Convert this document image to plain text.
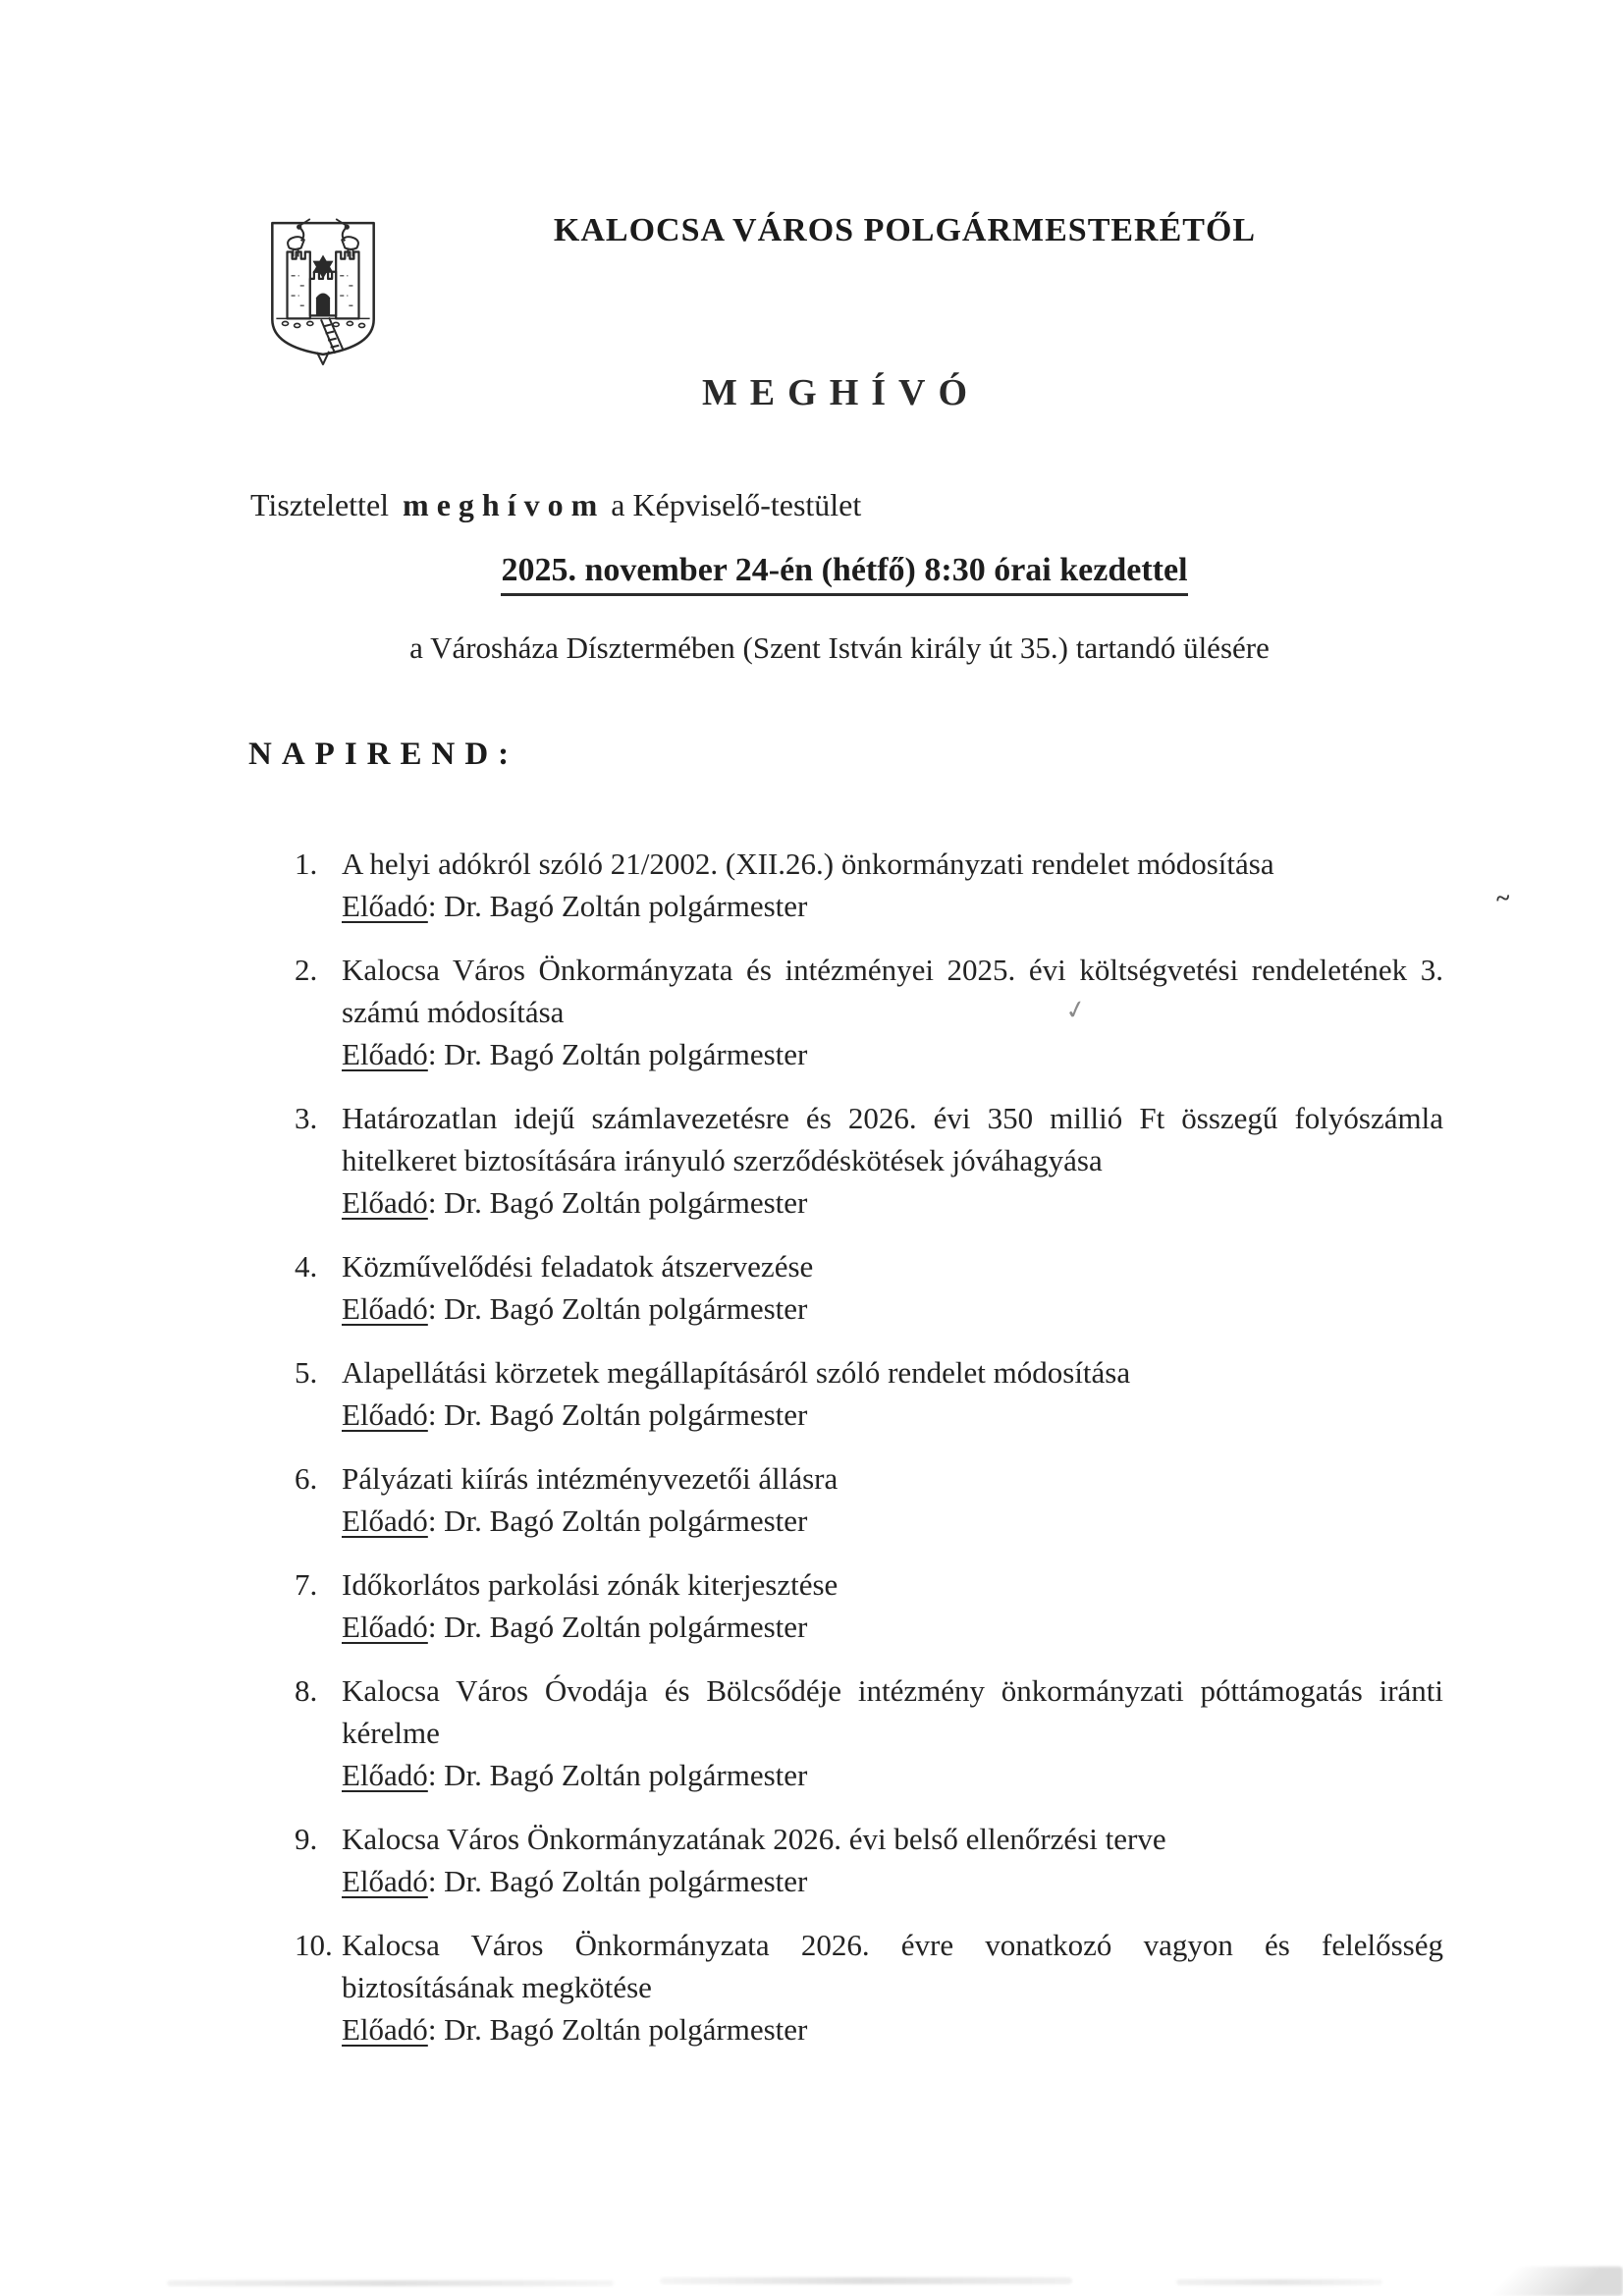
KALOCSA VÁROS POLGÁRMESTERÉTŐL
MEGHÍVÓ
Tisztelettel m e g h í v o m a Képviselő-testület
2025. november 24-én (hétfő) 8:30 órai kezdettel
a Városháza Dísztermében (Szent István király út 35.) tartandó ülésére
NAPIREND:
1. A helyi adókról szóló 21/2002. (XII.26.) önkormányzati rendelet módosítása
Előadó: Dr. Bagó Zoltán polgármester
2. Kalocsa Város Önkormányzata és intézményei 2025. évi költségvetési rendeletének 3.
számú módosítása
Előadó: Dr. Bagó Zoltán polgármester
3. Határozatlan idejű számlavezetésre és 2026. évi 350 millió Ft összegű folyószámla
hitelkeret biztosítására irányuló szerződéskötések jóváhagyása
Előadó: Dr. Bagó Zoltán polgármester
4. Közművelődési feladatok átszervezése
Előadó: Dr. Bagó Zoltán polgármester
5. Alapellátási körzetek megállapításáról szóló rendelet módosítása
Előadó: Dr. Bagó Zoltán polgármester
6. Pályázati kiírás intézményvezetői állásra
Előadó: Dr. Bagó Zoltán polgármester
7. Időkorlátos parkolási zónák kiterjesztése
Előadó: Dr. Bagó Zoltán polgármester
8. Kalocsa Város Óvodája és Bölcsődéje intézmény önkormányzati póttámogatás iránti
kérelme
Előadó: Dr. Bagó Zoltán polgármester
9. Kalocsa Város Önkormányzatának 2026. évi belső ellenőrzési terve
Előadó: Dr. Bagó Zoltán polgármester
10. Kalocsa Város Önkormányzata 2026. évre vonatkozó vagyon és felelősség
biztosításának megkötése
Előadó: Dr. Bagó Zoltán polgármester
~
✓
